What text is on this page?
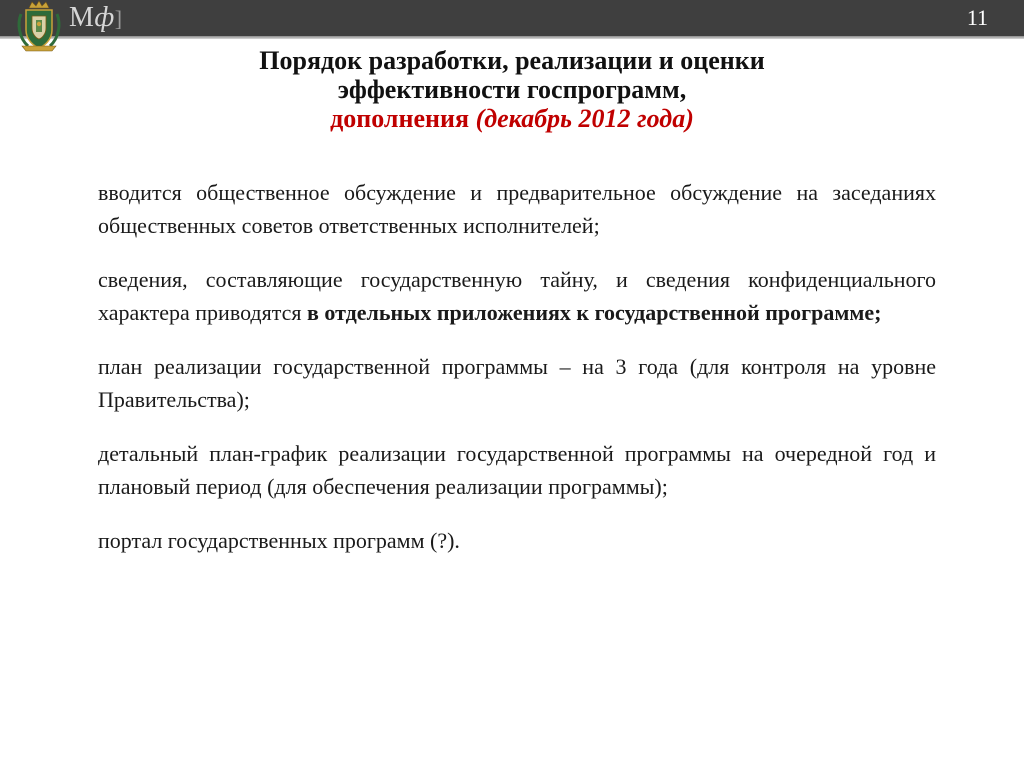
Мф]	11
Порядок разработки, реализации и оценки
эффективности госпрограмм,
дополнения (декабрь 2012 года)

вводится общественное обсуждение и предварительное обсуждение на заседаниях общественных советов ответственных исполнителей;

сведения, составляющие государственную тайну, и сведения конфиденциального характера приводятся в отдельных приложениях к государственной программе;

план реализации государственной программы – на 3 года (для контроля на уровне Правительства);

детальный план-график реализации государственной программы на очередной год и плановый период (для обеспечения реализации программы);

портал государственных программ (?).
